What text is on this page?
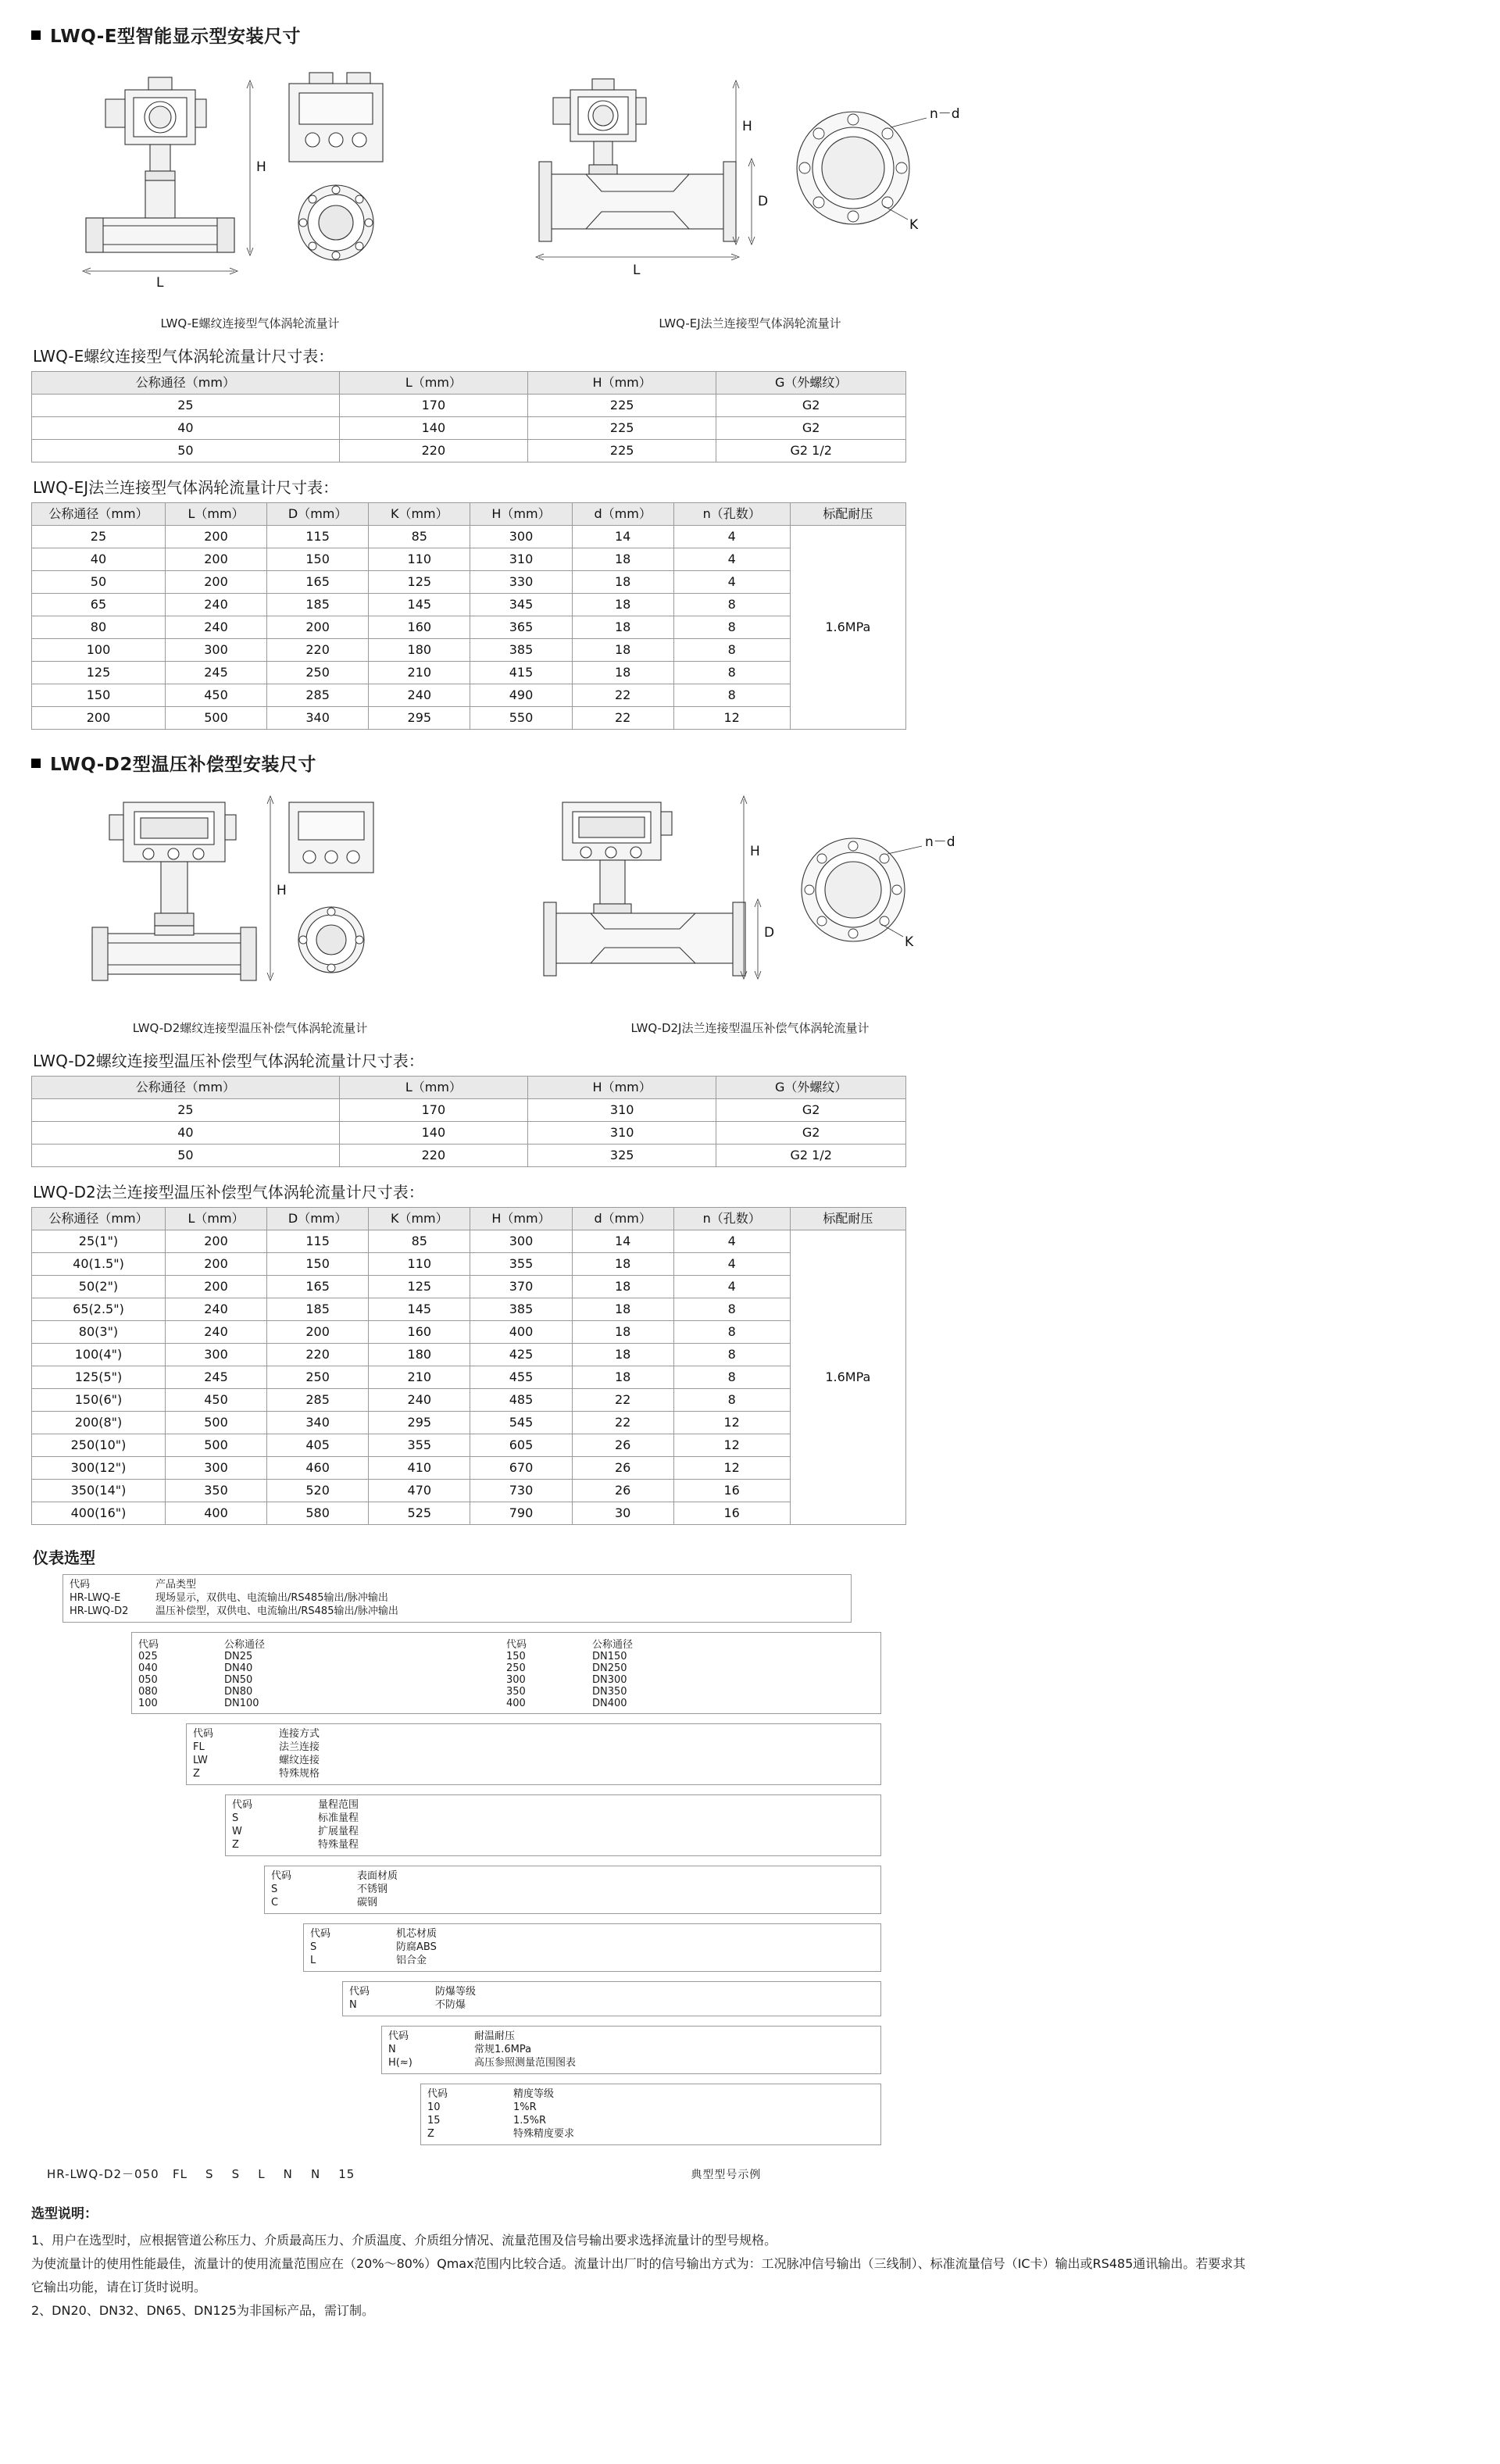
LWQ-E型智能显示型安装尺寸
H
L
LWQ-E螺纹连接型气体涡轮流量计
H
D
L
n－d
K
LWQ-EJ法兰连接型气体涡轮流量计
LWQ-E螺纹连接型气体涡轮流量计尺寸表：
公称通径（mm）	L（mm）	H（mm）	G（外螺纹）
25	170	225	G2
40	140	225	G2
50	220	225	G2 1/2
LWQ-EJ法兰连接型气体涡轮流量计尺寸表：
公称通径（mm）	L（mm）	D（mm）	K（mm）	H（mm）	d（mm）	n（孔数）	标配耐压
25	200	115	85	300	14	4	1.6MPa
40	200	150	110	310	18	4	
50	200	165	125	330	18	4	
65	240	185	145	345	18	8	
80	240	200	160	365	18	8	
100	300	220	180	385	18	8	
125	245	250	210	415	18	8	
150	450	285	240	490	22	8	
200	500	340	295	550	22	12	
LWQ-D2型温压补偿型安装尺寸
H
LWQ-D2螺纹连接型温压补偿气体涡轮流量计
H
D
n－d
K
LWQ-D2J法兰连接型温压补偿气体涡轮流量计
LWQ-D2螺纹连接型温压补偿型气体涡轮流量计尺寸表：
公称通径（mm）	L（mm）	H（mm）	G（外螺纹）
25	170	310	G2
40	140	310	G2
50	220	325	G2 1/2
LWQ-D2法兰连接型温压补偿型气体涡轮流量计尺寸表：
公称通径（mm）	L（mm）	D（mm）	K（mm）	H（mm）	d（mm）	n（孔数）	标配耐压
25(1")	200	115	85	300	14	4	1.6MPa
40(1.5")	200	150	110	355	18	4	
50(2")	200	165	125	370	18	4	
65(2.5")	240	185	145	385	18	8	
80(3")	240	200	160	400	18	8	
100(4")	300	220	180	425	18	8	
125(5")	245	250	210	455	18	8	
150(6")	450	285	240	485	22	8	
200(8")	500	340	295	545	22	12	
250(10")	500	405	355	605	26	12	
300(12")	300	460	410	670	26	12	
350(14")	350	520	470	730	26	16	
400(16")	400	580	525	790	30	16	
仪表选型
代码	产品类型
HR-LWQ-E	现场显示，双供电、电流输出/RS485输出/脉冲输出
HR-LWQ-D2	温压补偿型，双供电、电流输出/RS485输出/脉冲输出
代码	公称通径	代码	公称通径
025	DN25	150	DN150
040	DN40	250	DN250
050	DN50	300	DN300
080	DN80	350	DN350
100	DN100	400	DN400
代码	连接方式
FL	法兰连接
LW	螺纹连接
Z	特殊规格
代码	量程范围
S	标准量程
W	扩展量程
Z	特殊量程
代码	表面材质
S	不锈钢
C	碳钢
代码	机芯材质
S	防腐ABS
L	铝合金
代码	防爆等级
N	不防爆
代码	耐温耐压
N	常规1.6MPa
H(≈)	高压参照测量范围图表
代码	精度等级
10	1%R
15	1.5%R
Z	特殊精度要求
HR-LWQ-D2－050   FL    S    S    L    N    N    15	典型型号示例
选型说明：

1、用户在选型时，应根据管道公称压力、介质最高压力、介质温度、介质组分情况、流量范围及信号输出要求选择流量计的型号规格。

为使流量计的使用性能最佳，流量计的使用流量范围应在（20%～80%）Qmax范围内比较合适。流量计出厂时的信号输出方式为：工况脉冲信号输出（三线制）、标准流量信号（IC卡）输出或RS485通讯输出。若要求其

它输出功能，请在订货时说明。

2、DN20、DN32、DN65、DN125为非国标产品，需订制。
